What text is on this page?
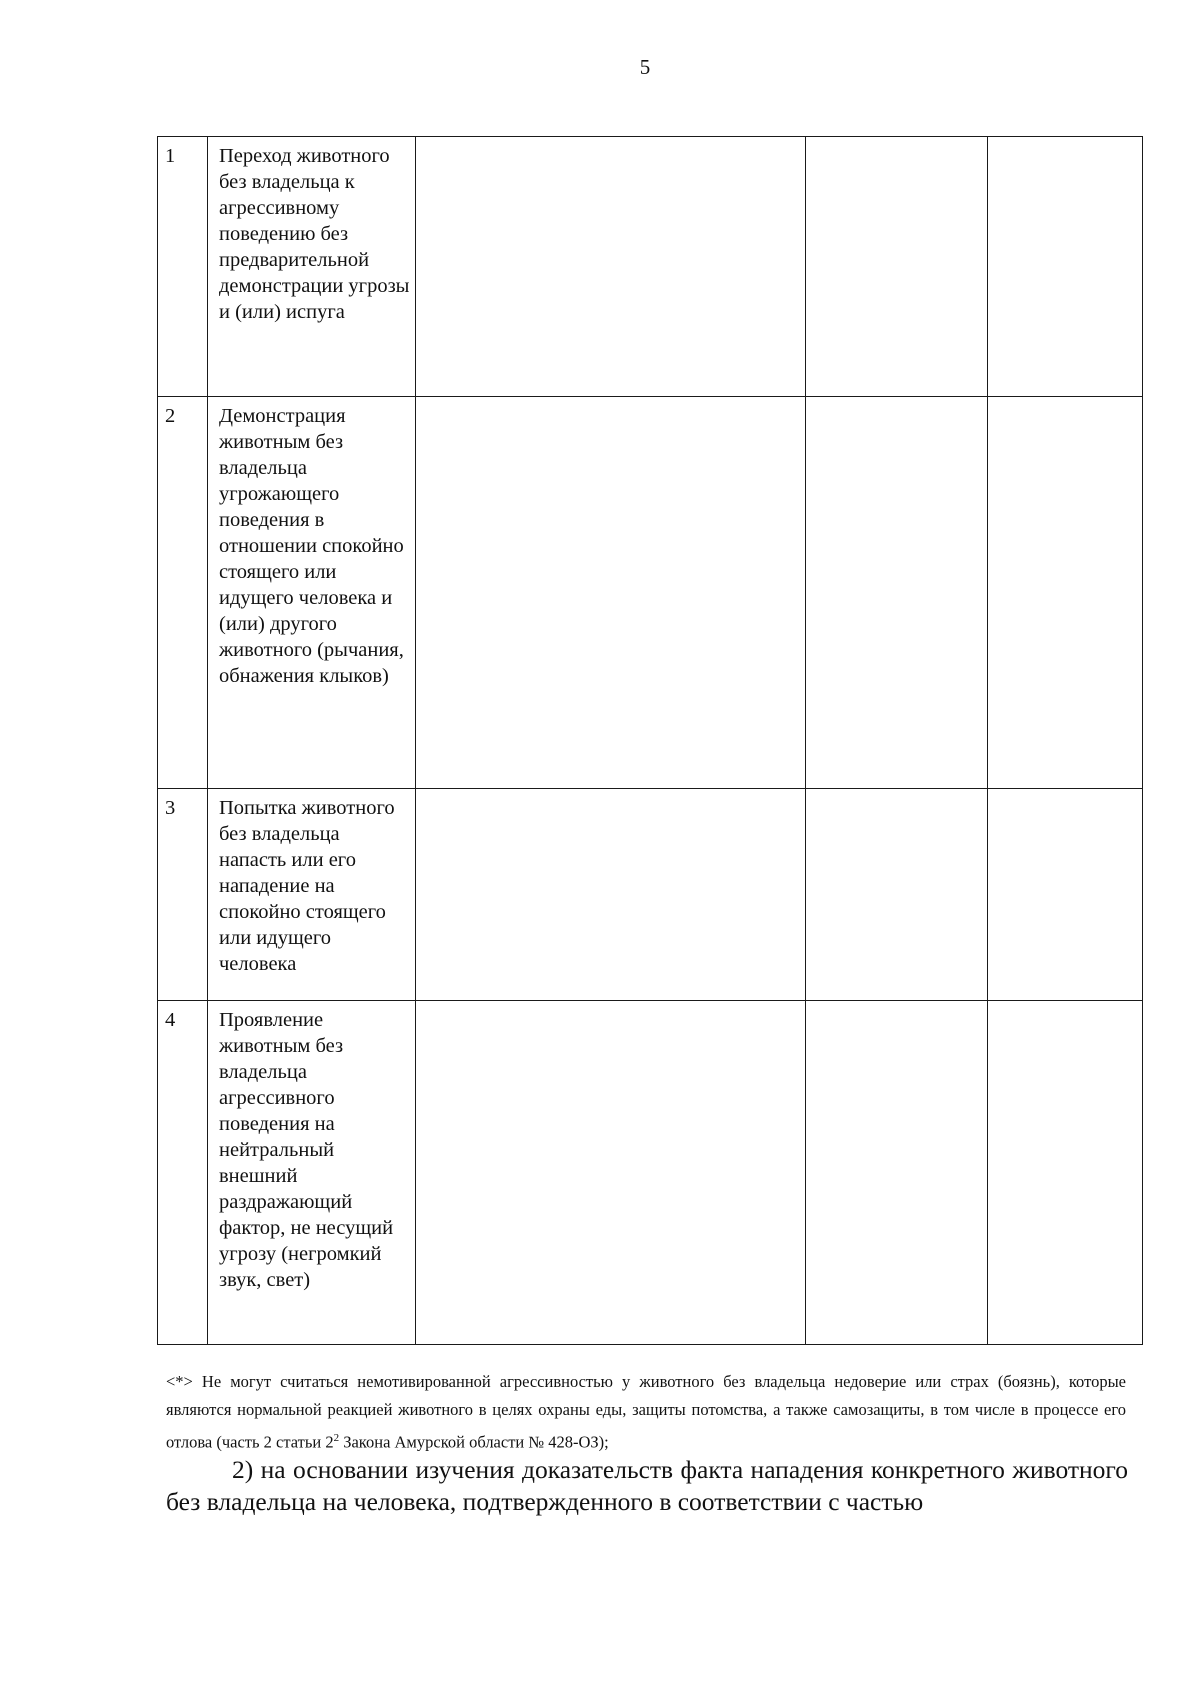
5
1	Переход животного без владельца к агрессивному поведению без предварительной демонстрации угрозы и (или) испуга			
2	Демонстрация животным без владельца угрожающего поведения в отношении спокойно стоящего или идущего человека и (или) другого животного (рычания, обнажения клыков)			
3	Попытка животного без владельца напасть или его нападение на спокойно стоящего или идущего человека			
4	Проявление животным без владельца агрессивного поведения на нейтральный внешний раздражающий фактор, не несущий угрозу (негромкий звук, свет)			
<*> Не могут считаться немотивированной агрессивностью у животного без владельца недоверие или страх (боязнь), которые являются нормальной реакцией животного в целях охраны еды, защиты потомства, а также самозащиты, в том числе в процессе его отлова (часть 2 статьи $2^2$ Закона Амурской области № 428-ОЗ);
2) на основании изучения доказательств факта нападения конкретного животного без владельца на человека, подтвержденного в соответствии с частью
